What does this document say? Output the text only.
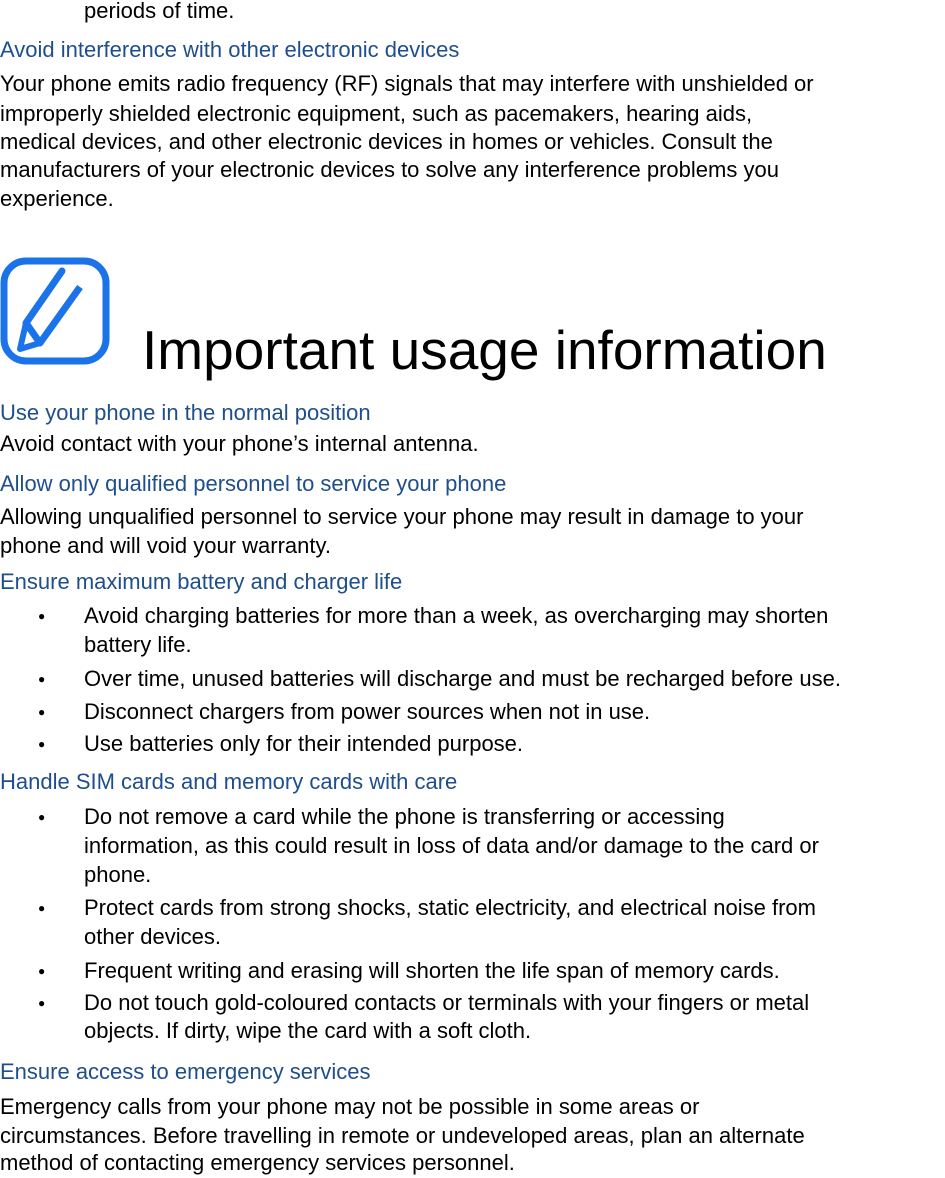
periods of time.
Avoid interference with other electronic devices
Your phone emits radio frequency (RF) signals that may interfere with unshielded or
improperly shielded electronic equipment, such as pacemakers, hearing aids,
medical devices, and other electronic devices in homes or vehicles. Consult the
manufacturers of your electronic devices to solve any interference problems you
experience.
Important usage information
Use your phone in the normal position
Avoid contact with your phone’s internal antenna.
Allow only qualified personnel to service your phone
Allowing unqualified personnel to service your phone may result in damage to your
phone and will void your warranty.
Ensure maximum battery and charger life
● Avoid charging batteries for more than a week, as overcharging may shorten
battery life.
● Over time, unused batteries will discharge and must be recharged before use.
● Disconnect chargers from power sources when not in use.
● Use batteries only for their intended purpose.
Handle SIM cards and memory cards with care
● Do not remove a card while the phone is transferring or accessing
information, as this could result in loss of data and/or damage to the card or
phone.
● Protect cards from strong shocks, static electricity, and electrical noise from
other devices.
● Frequent writing and erasing will shorten the life span of memory cards.
● Do not touch gold-coloured contacts or terminals with your fingers or metal
objects. If dirty, wipe the card with a soft cloth.
Ensure access to emergency services
Emergency calls from your phone may not be possible in some areas or
circumstances. Before travelling in remote or undeveloped areas, plan an alternate
method of contacting emergency services personnel.
